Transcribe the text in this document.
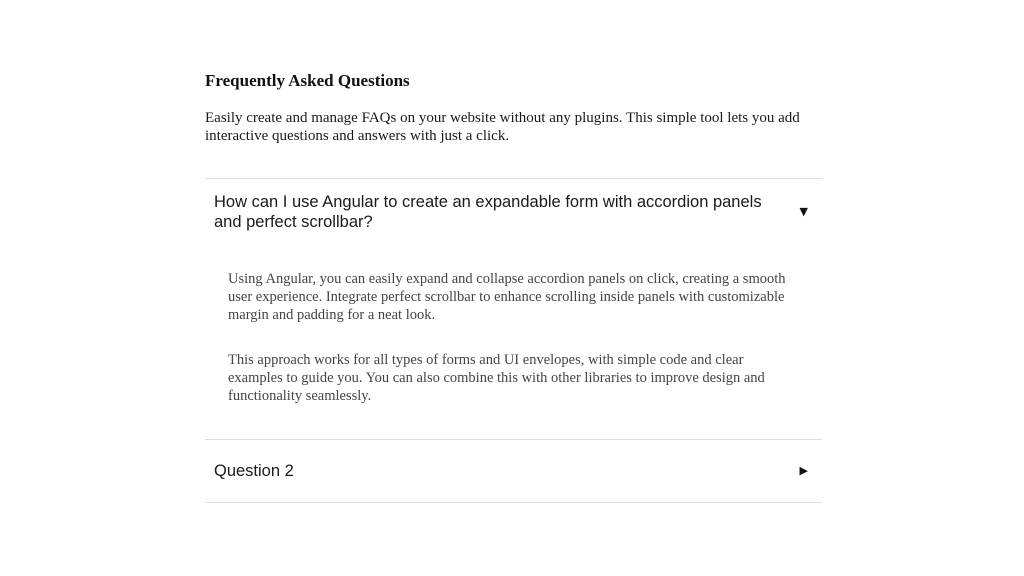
Frequently Asked Questions

Easily create and manage FAQs on your website without any plugins. This simple tool lets you add interactive questions and answers with just a click.

How can I use Angular to create an expandable form with accordion panels and perfect scrollbar?
▼

Using Angular, you can easily expand and collapse accordion panels on click, creating a smooth user experience. Integrate perfect scrollbar to enhance scrolling inside panels with customizable margin and padding for a neat look.

This approach works for all types of forms and UI envelopes, with simple code and clear examples to guide you. You can also combine this with other libraries to improve design and functionality seamlessly.

Question 2	▶
